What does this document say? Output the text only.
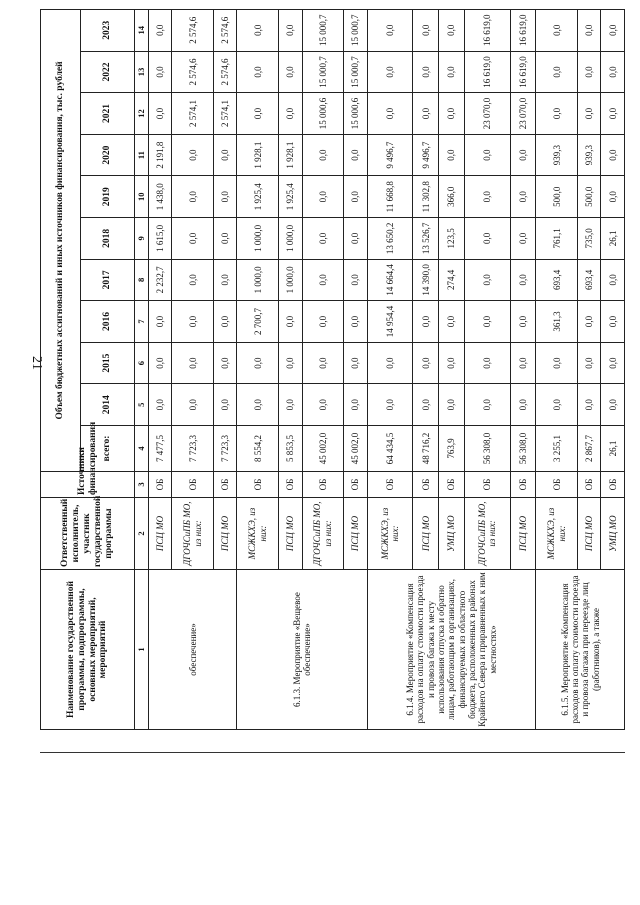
21
Наименование государственной программы, подпрограммы, основных мероприятий, мероприятий	Ответственный исполнитель, участник государственной программы	Источники финансирования	Объем бюджетных ассигнований и иных источников финансирования, тыс. рублей										
			всего:	2014	2015	2016	2017	2018	2019	2020	2021	2022	2023
1	2	3	4	5	6	7	8	9	10	11	12	13	14
обеспечение»	ПСЦ МО	ОБ	7 477,5	0,0	0,0	0,0	2 232,7	1 615,0	1 438,0	2 191,8	0,0	0,0	0,0
	ДГОЧСиПБ МО, из них:	ОБ	7 723,3	0,0	0,0	0,0	0,0	0,0	0,0	0,0	2 574,1	2 574,6	2 574,6
	ПСЦ МО	ОБ	7 723,3	0,0	0,0	0,0	0,0	0,0	0,0	0,0	2 574,1	2 574,6	2 574,6
6.1.3. Мероприятие «Вещевое обеспечение»	МСЖКХЭ, из них:	ОБ	8 554,2	0,0	0,0	2 700,7	1 000,0	1 000,0	1 925,4	1 928,1	0,0	0,0	0,0
	ПСЦ МО	ОБ	5 853,5	0,0	0,0	0,0	1 000,0	1 000,0	1 925,4	1 928,1	0,0	0,0	0,0
	ДГОЧСиПБ МО, из них:	ОБ	45 002,0	0,0	0,0	0,0	0,0	0,0	0,0	0,0	15 000,6	15 000,7	15 000,7
	ПСЦ МО	ОБ	45 002,0	0,0	0,0	0,0	0,0	0,0	0,0	0,0	15 000,6	15 000,7	15 000,7
6.1.4. Мероприятие «Компенсация расходов на оплату стоимости проезда и провоза багажа к месту использования отпуска и обратно лицам, работающим в организациях, финансируемых из областного бюджета, расположенных в районах Крайнего Севера и приравненных к ним местностях»	МСЖКХЭ, из них:	ОБ	64 434,5	0,0	0,0	14 954,4	14 664,4	13 650,2	11 668,8	9 496,7	0,0	0,0	0,0
	ПСЦ МО	ОБ	48 716,2	0,0	0,0	0,0	14 390,0	13 526,7	11 302,8	9 496,7	0,0	0,0	0,0
	УМЦ МО	ОБ	763,9	0,0	0,0	0,0	274,4	123,5	366,0	0,0	0,0	0,0	0,0
	ДГОЧСиПБ МО, из них:	ОБ	56 308,0	0,0	0,0	0,0	0,0	0,0	0,0	0,0	23 070,0	16 619,0	16 619,0
	ПСЦ МО	ОБ	56 308,0	0,0	0,0	0,0	0,0	0,0	0,0	0,0	23 070,0	16 619,0	16 619,0
6.1.5. Мероприятие «Компенсация расходов на оплату стоимости проезда и провоза багажа при переезде лиц (работников), а также	МСЖКХЭ, из них:	ОБ	3 255,1	0,0	0,0	361,3	693,4	761,1	500,0	939,3	0,0	0,0	0,0
	ПСЦ МО	ОБ	2 867,7	0,0	0,0	0,0	693,4	735,0	500,0	939,3	0,0	0,0	0,0
	УМЦ МО	ОБ	26,1	0,0	0,0	0,0	0,0	26,1	0,0	0,0	0,0	0,0	0,0
